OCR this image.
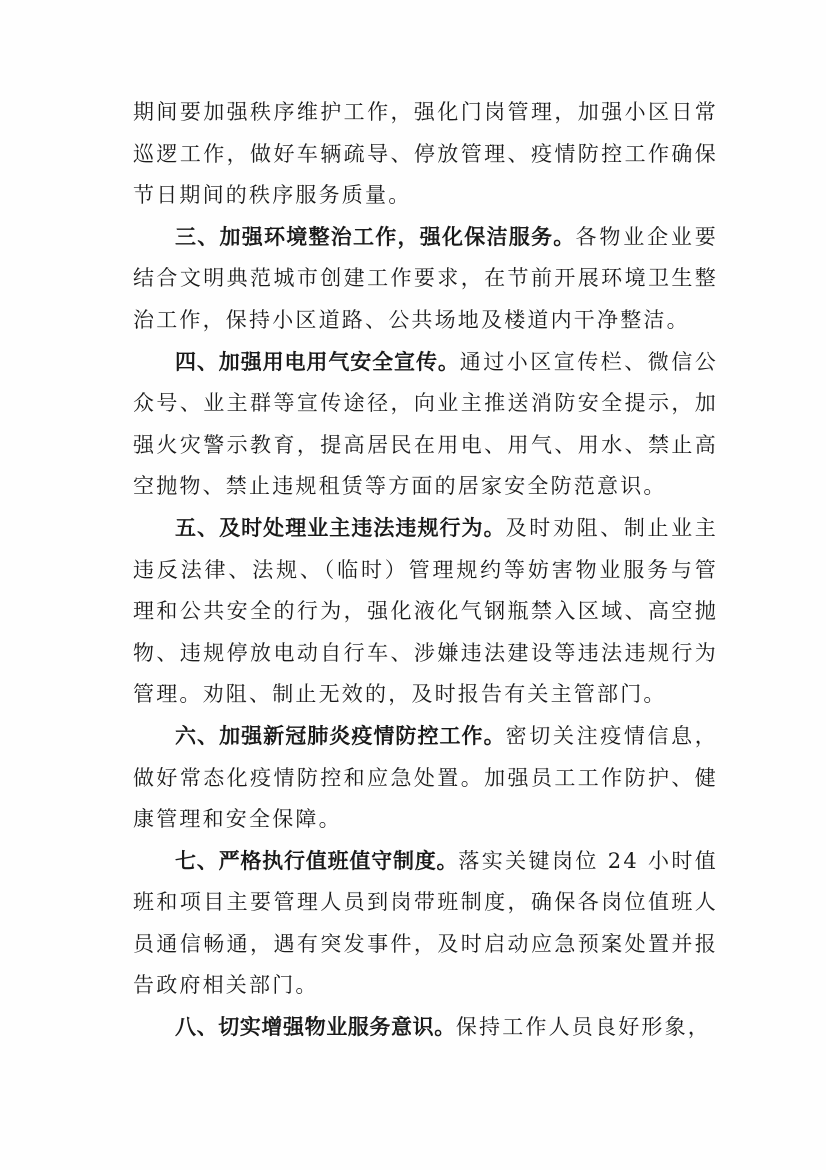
期间要加强秩序维护工作，强化门岗管理，加强小区日常巡逻工作，做好车辆疏导、停放管理、疫情防控工作确保节日期间的秩序服务质量。

三、加强环境整治工作，强化保洁服务。各物业企业要结合文明典范城市创建工作要求，在节前开展环境卫生整治工作，保持小区道路、公共场地及楼道内干净整洁。

四、加强用电用气安全宣传。通过小区宣传栏、微信公众号、业主群等宣传途径，向业主推送消防安全提示，加强火灾警示教育，提高居民在用电、用气、用水、禁止高空抛物、禁止违规租赁等方面的居家安全防范意识。

五、及时处理业主违法违规行为。及时劝阻、制止业主违反法律、法规、（临时）管理规约等妨害物业服务与管理和公共安全的行为，强化液化气钢瓶禁入区域、高空抛物、违规停放电动自行车、涉嫌违法建设等违法违规行为管理。劝阻、制止无效的，及时报告有关主管部门。

六、加强新冠肺炎疫情防控工作。密切关注疫情信息，做好常态化疫情防控和应急处置。加强员工工作防护、健康管理和安全保障。

七、严格执行值班值守制度。落实关键岗位 24 小时值班和项目主要管理人员到岗带班制度，确保各岗位值班人员通信畅通，遇有突发事件，及时启动应急预案处置并报告政府相关部门。

八、切实增强物业服务意识。保持工作人员良好形象，
